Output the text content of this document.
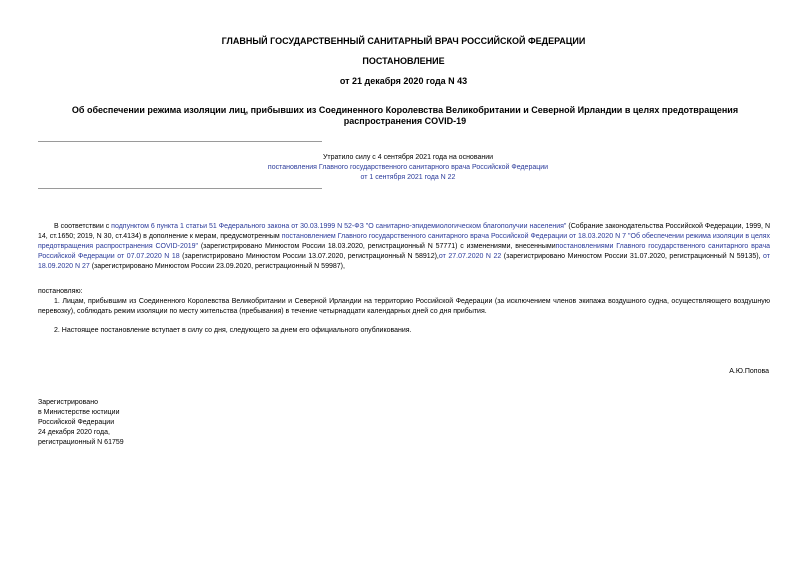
ГЛАВНЫЙ ГОСУДАРСТВЕННЫЙ САНИТАРНЫЙ ВРАЧ РОССИЙСКОЙ ФЕДЕРАЦИИ
ПОСТАНОВЛЕНИЕ
от 21 декабря 2020 года N 43
Об обеспечении режима изоляции лиц, прибывших из Соединенного Королевства Великобритании и Северной Ирландии в целях предотвращения распространения COVID-19
Утратило силу с 4 сентября 2021 года на основании
постановления Главного государственного санитарного врача Российской Федерации
от 1 сентября 2021 года N 22
В соответствии с подпунктом 6 пункта 1 статьи 51 Федерального закона от 30.03.1999 N 52-ФЗ "О санитарно-эпидемиологическом благополучии населения" (Собрание законодательства Российской Федерации, 1999, N 14, ст.1650; 2019, N 30, ст.4134) в дополнение к мерам, предусмотренным постановлением Главного государственного санитарного врача Российской Федерации от 18.03.2020 N 7 "Об обеспечении режима изоляции в целях предотвращения распространения COVID-2019" (зарегистрировано Минюстом России 18.03.2020, регистрационный N 57771) с изменениями, внесеннымипостановлениями Главного государственного санитарного врача Российской Федерации от 07.07.2020 N 18 (зарегистрировано Минюстом России 13.07.2020, регистрационный N 58912),от 27.07.2020 N 22 (зарегистрировано Минюстом России 31.07.2020, регистрационный N 59135), от 18.09.2020 N 27 (зарегистрировано Минюстом России 23.09.2020, регистрационный N 59987),
постановляю:
1. Лицам, прибывшим из Соединенного Королевства Великобритании и Северной Ирландии на территорию Российской Федерации (за исключением членов экипажа воздушного судна, осуществляющего воздушную перевозку), соблюдать режим изоляции по месту жительства (пребывания) в течение четырнадцати календарных дней со дня прибытия.
2. Настоящее постановление вступает в силу со дня, следующего за днем его официального опубликования.
А.Ю.Попова
Зарегистрировано
в Министерстве юстиции
Российской Федерации
24 декабря 2020 года,
регистрационный N 61759
